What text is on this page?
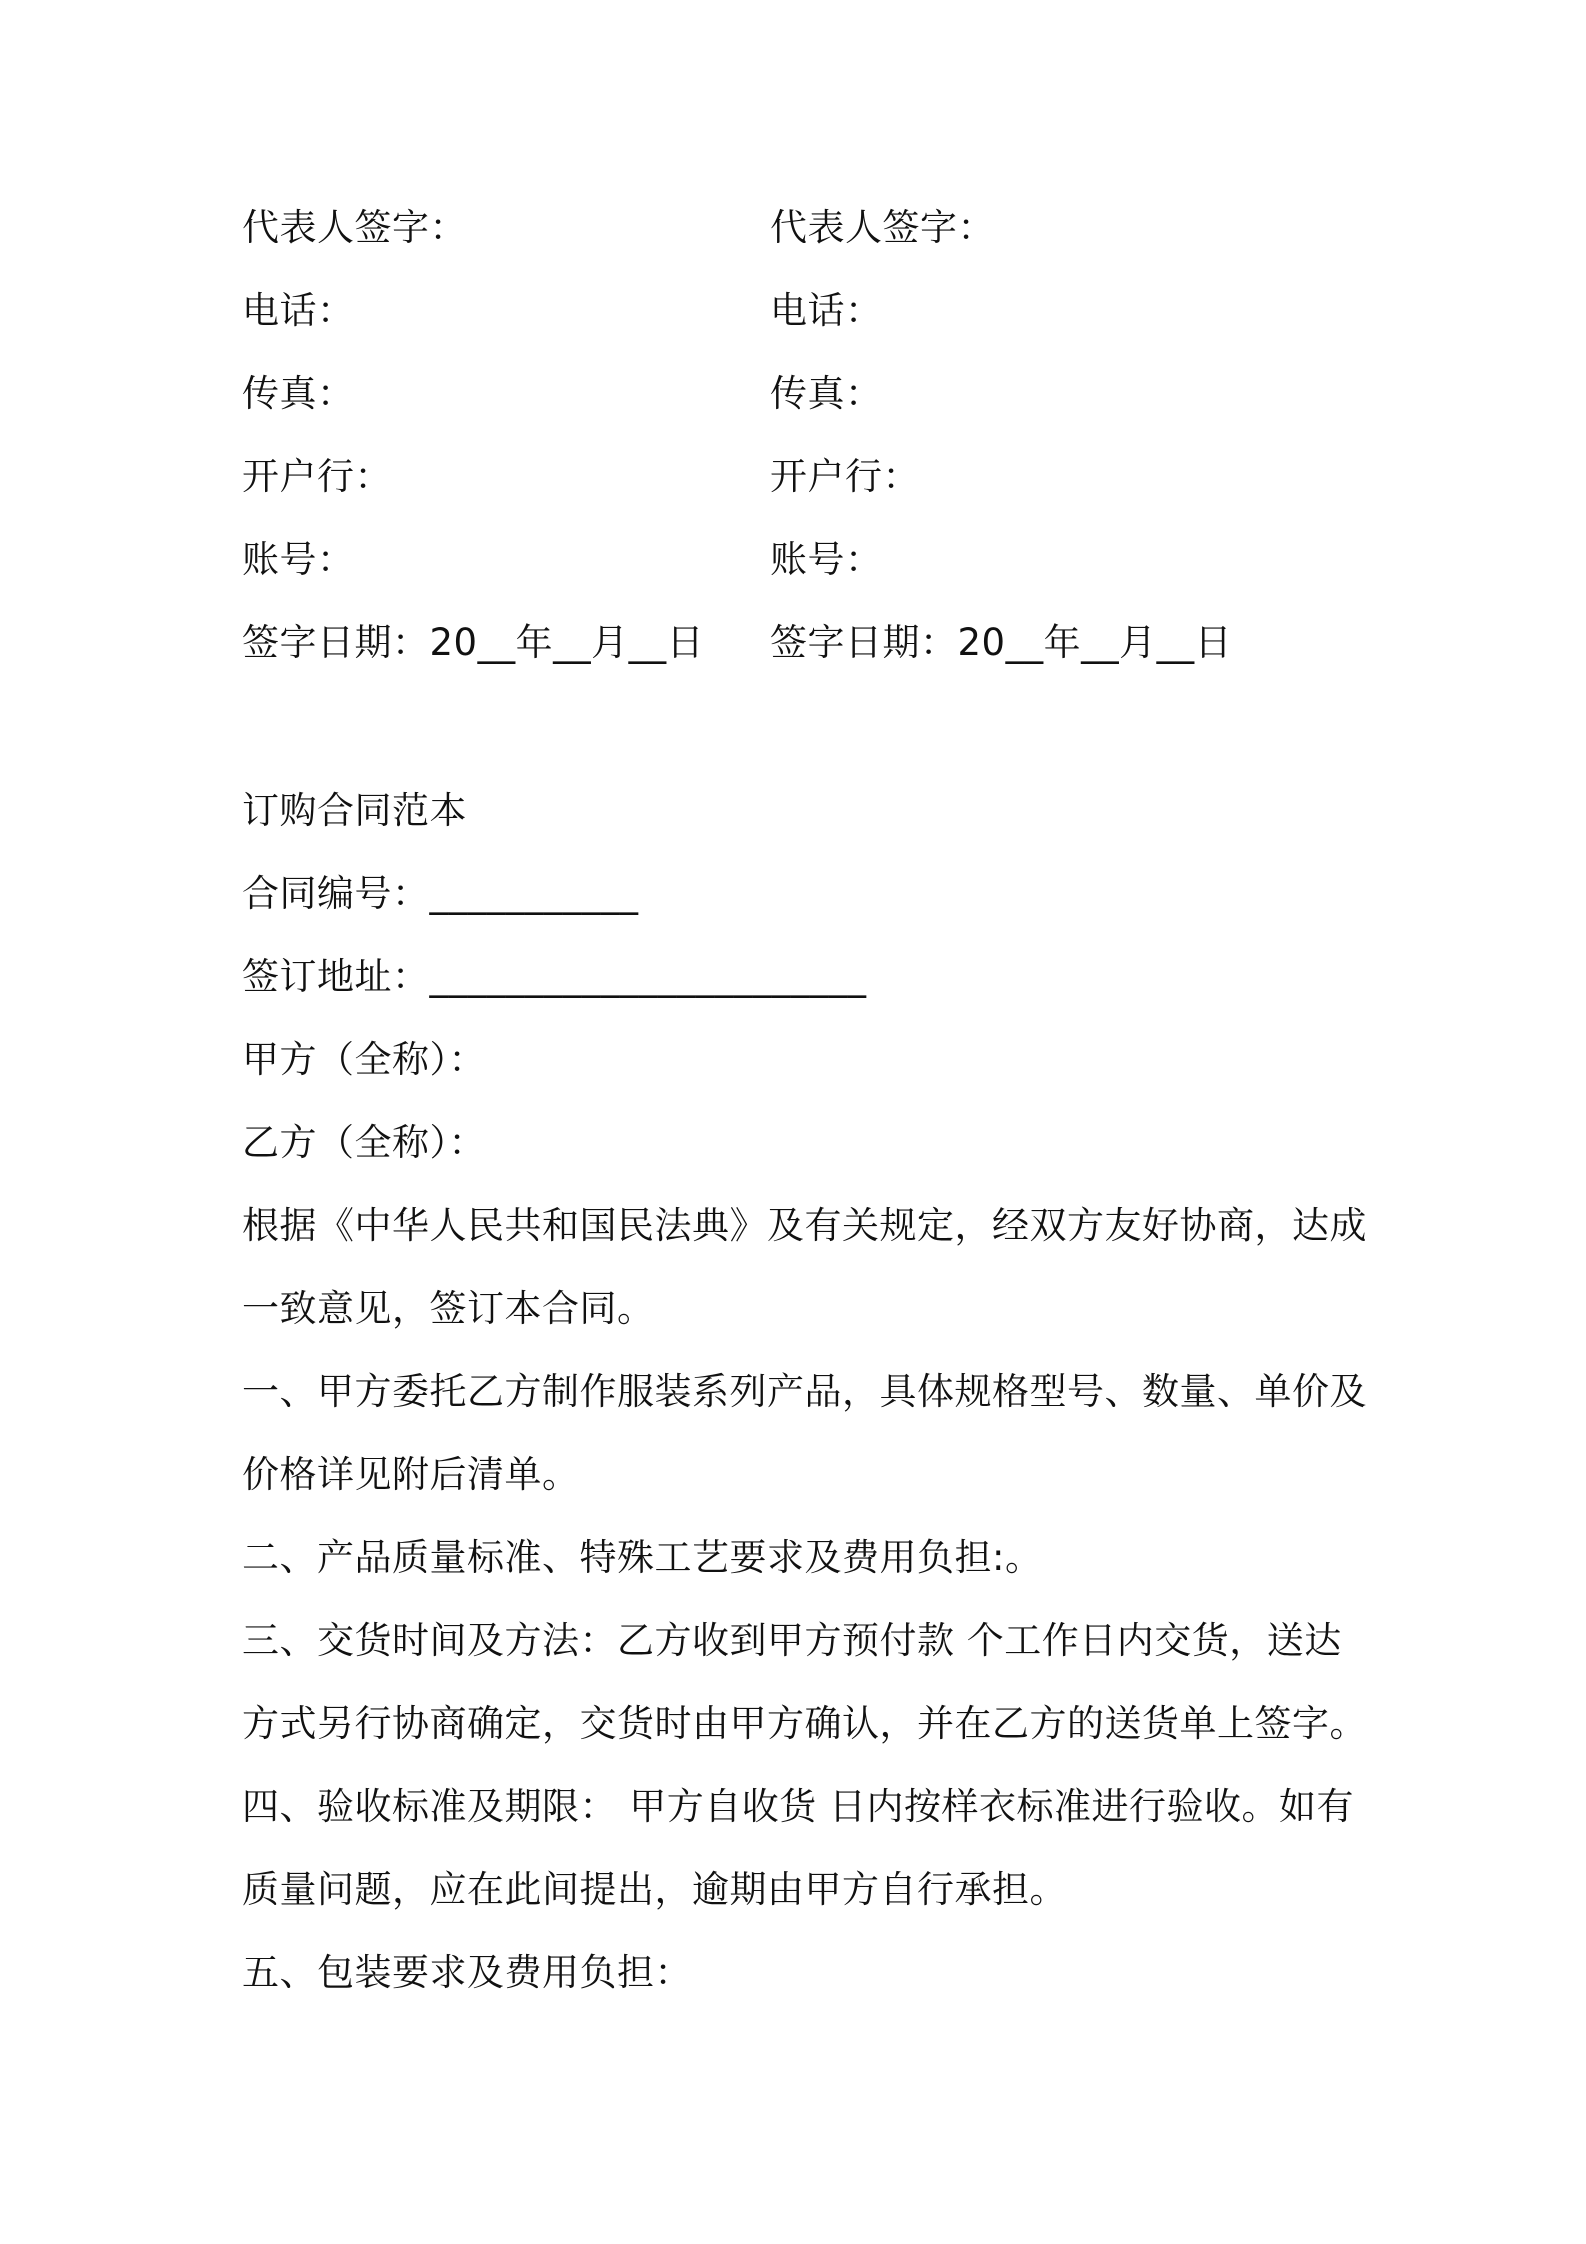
代表人签字：
电话：
传真：
开户行：
账号：
签字日期：20__年__月__日
代表人签字：
电话：
传真：
开户行：
账号：
签字日期：20__年__月__日
订购合同范本
合同编号：___________
签订地址：_______________________
甲方（全称）：
乙方（全称）：
根据《中华人民共和国民法典》及有关规定，经双方友好协商，达成
一致意见，签订本合同。
一、甲方委托乙方制作服装系列产品，具体规格型号、数量、单价及
价格详见附后清单。
二、产品质量标准、特殊工艺要求及费用负担:。
三、交货时间及方法：乙方收到甲方预付款 个工作日内交货，送达
方式另行协商确定，交货时由甲方确认，并在乙方的送货单上签字。
四、验收标准及期限： 甲方自收货 日内按样衣标准进行验收。如有
质量问题，应在此间提出，逾期由甲方自行承担。
五、包装要求及费用负担：
